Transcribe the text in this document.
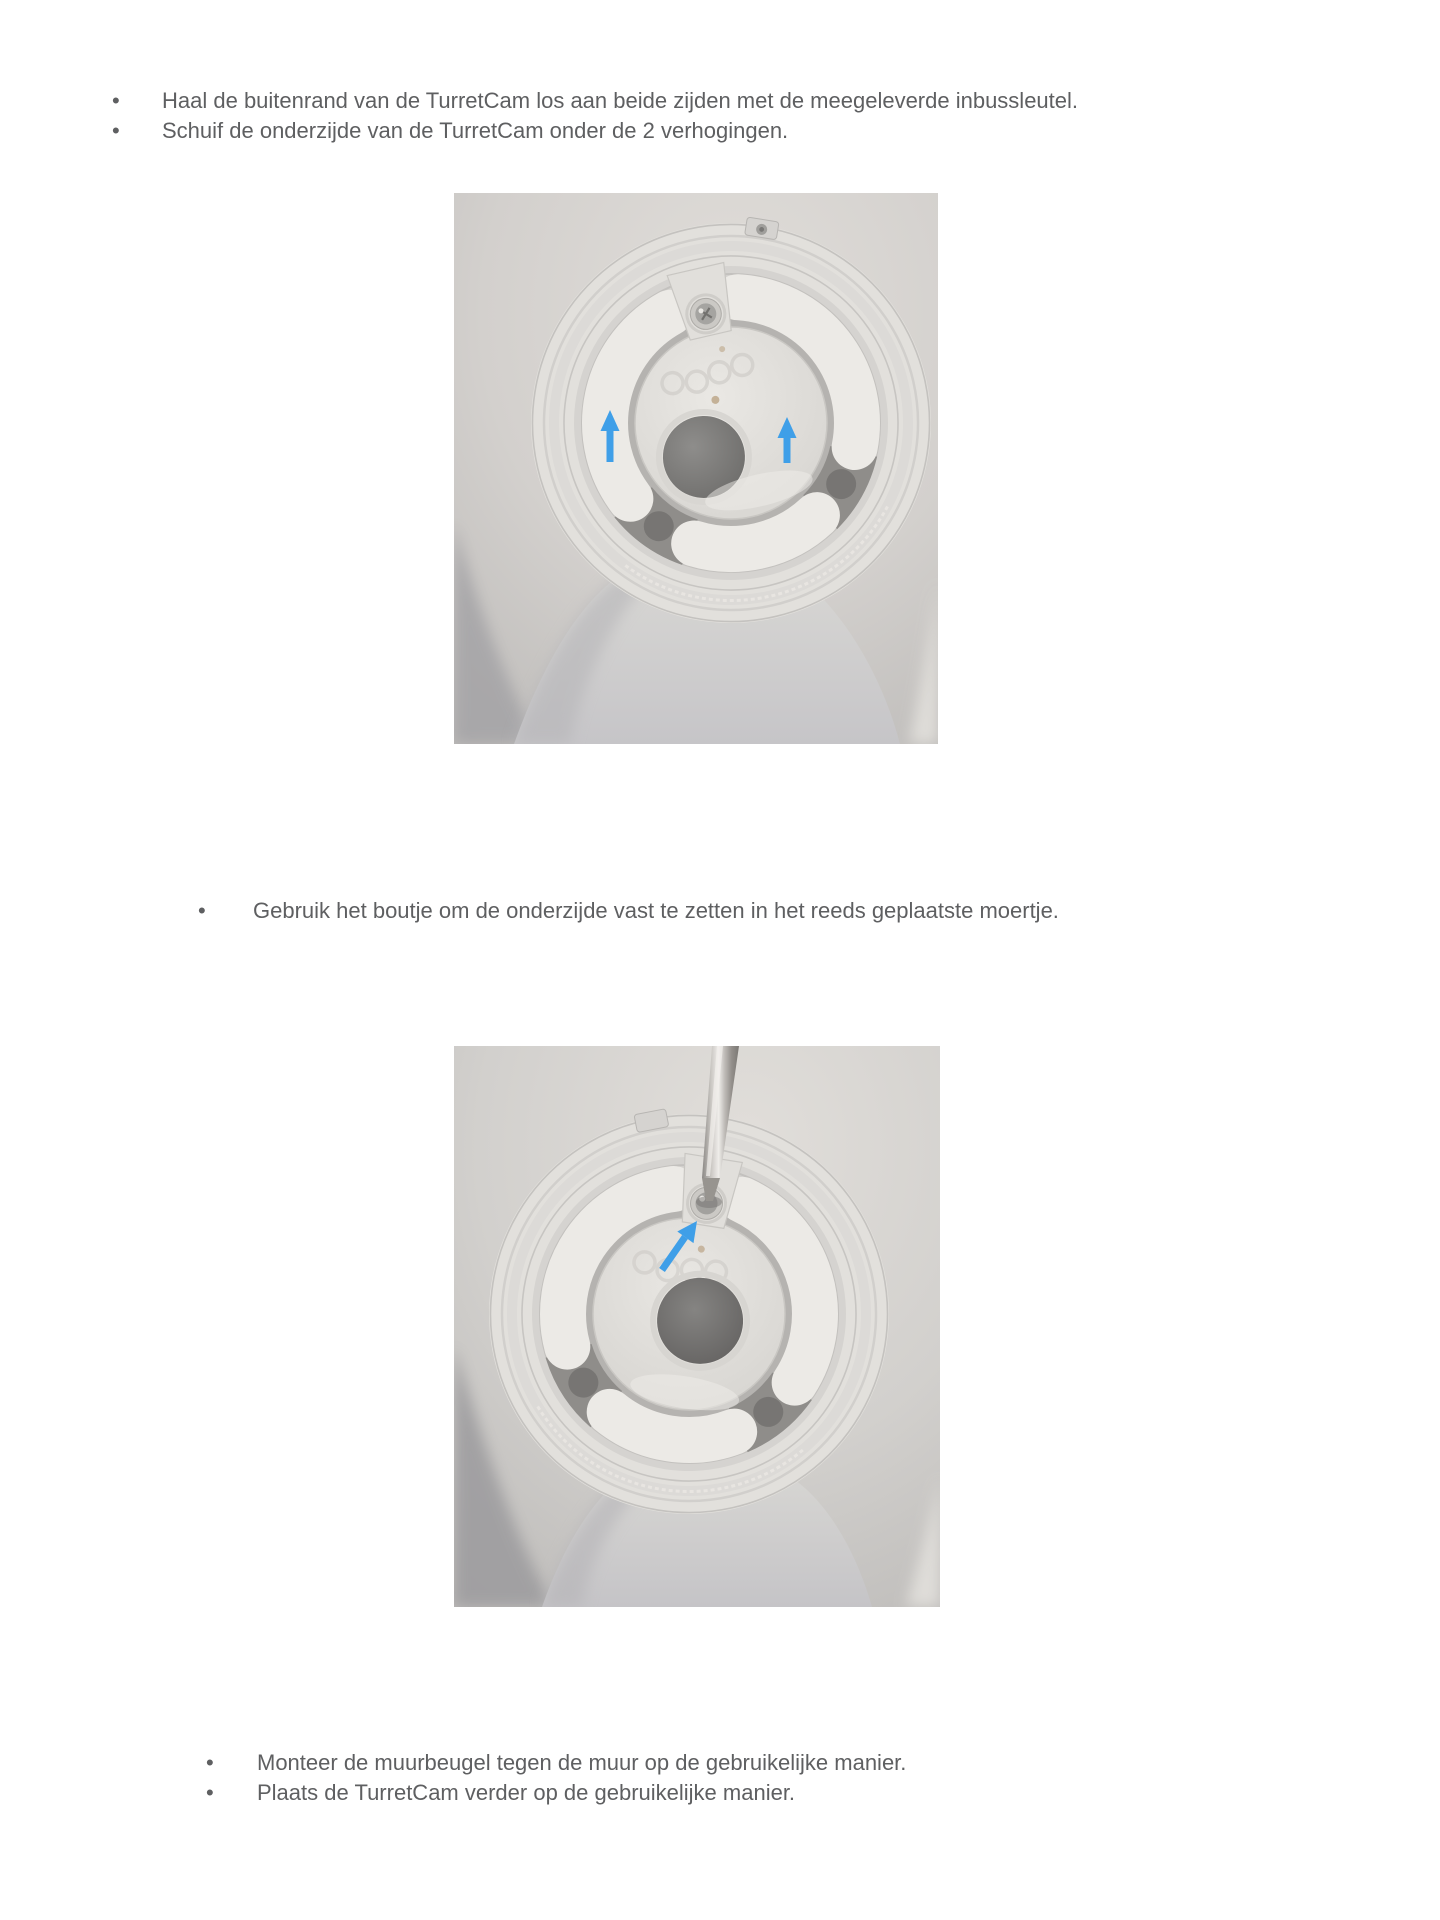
•	Haal de buitenrand van de TurretCam los aan beide zijden met de meegeleverde inbussleutel.
•	Schuif de onderzijde van de TurretCam onder de 2 verhogingen.
•	Gebruik het boutje om de onderzijde vast te zetten in het reeds geplaatste moertje.
•	Monteer de muurbeugel tegen de muur op de gebruikelijke manier.
•	Plaats de TurretCam verder op de gebruikelijke manier.
